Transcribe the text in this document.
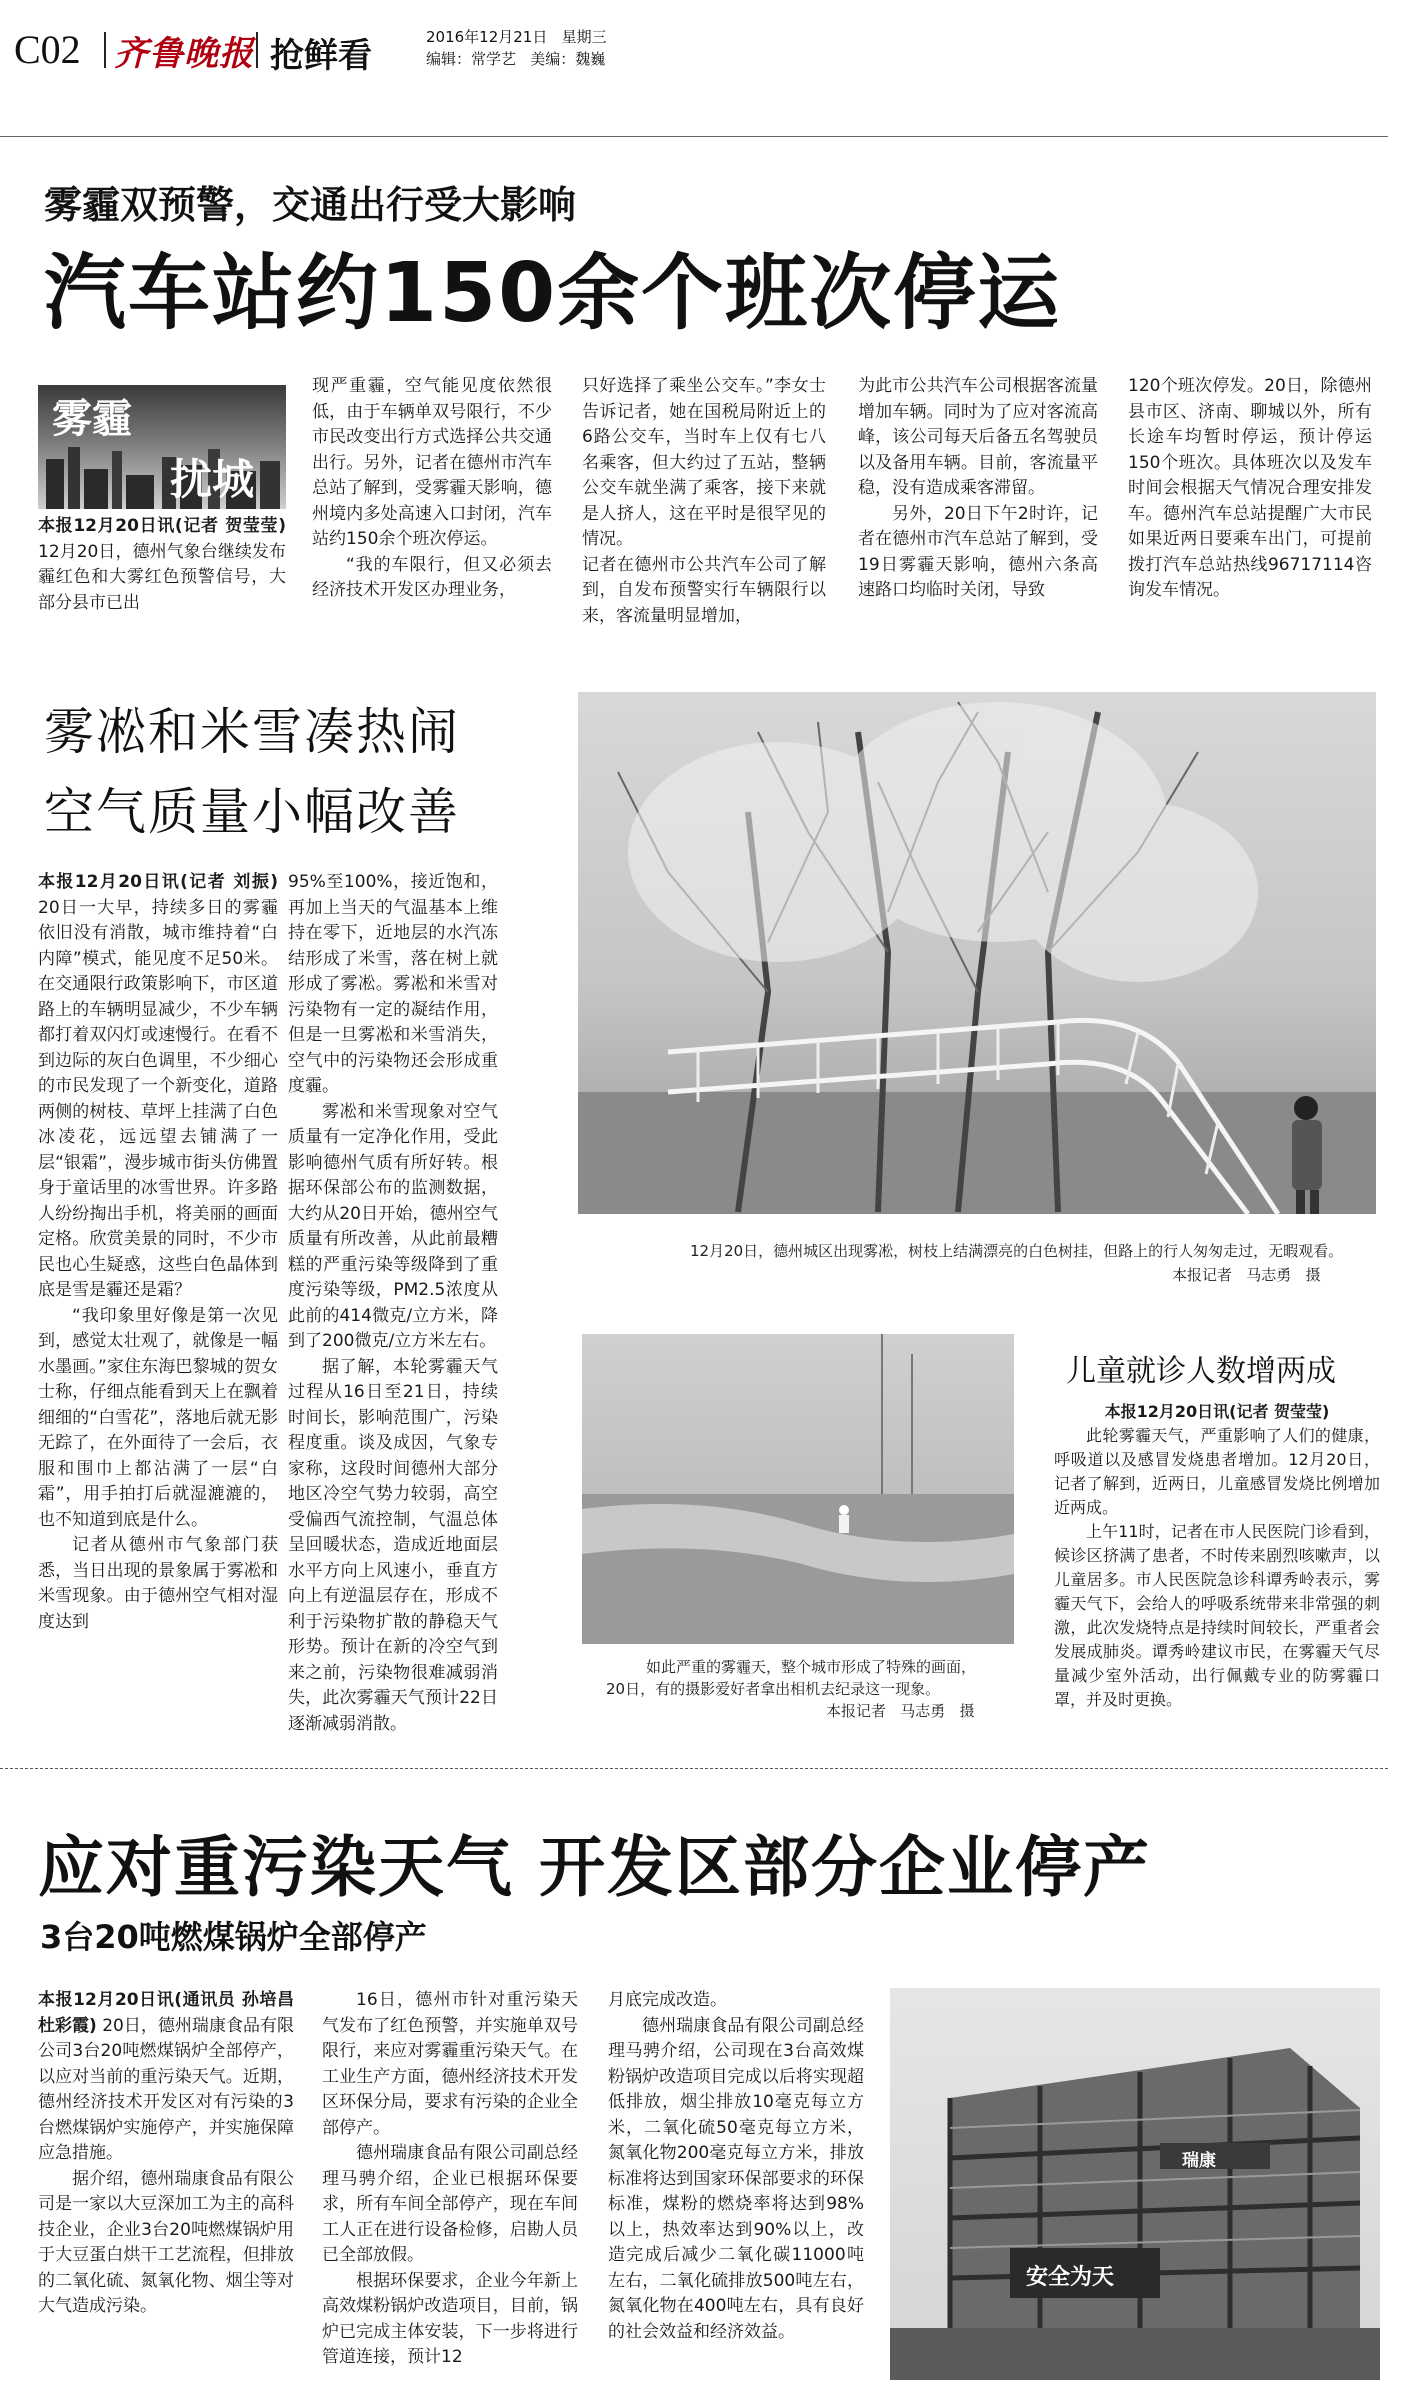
C02 齐鲁晚报 抢鲜看	2016年12月21日   星期三
编辑：常学艺   美编：魏巍
雾霾双预警，交通出行受大影响
汽车站约150余个班次停运
雾霾
扰城

本报12月20日讯(记者 贺莹莹) 12月20日，德州气象台继续发布霾红色和大雾红色预警信号，大部分县市已出

现严重霾，空气能见度依然很低，由于车辆单双号限行，不少市民改变出行方式选择公共交通出行。另外，记者在德州市汽车总站了解到，受雾霾天影响，德州境内多处高速入口封闭，汽车站约150余个班次停运。

“我的车限行，但又必须去经济技术开发区办理业务，

只好选择了乘坐公交车。”李女士告诉记者，她在国税局附近上的6路公交车，当时车上仅有七八名乘客，但大约过了五站，整辆公交车就坐满了乘客，接下来就是人挤人，这在平时是很罕见的情况。

记者在德州市公共汽车公司了解到，自发布预警实行车辆限行以来，客流量明显增加，

为此市公共汽车公司根据客流量增加车辆。同时为了应对客流高峰，该公司每天后备五名驾驶员以及备用车辆。目前，客流量平稳，没有造成乘客滞留。

另外，20日下午2时许，记者在德州市汽车总站了解到，受19日雾霾天影响，德州六条高速路口均临时关闭，导致

120个班次停发。20日，除德州县市区、济南、聊城以外，所有长途车均暂时停运，预计停运150个班次。具体班次以及发车时间会根据天气情况合理安排发车。德州汽车总站提醒广大市民如果近两日要乘车出门，可提前拨打汽车总站热线96717114咨询发车情况。

雾凇和米雪凑热闹
空气质量小幅改善

本报12月20日讯(记者 刘振) 20日一大早，持续多日的雾霾依旧没有消散，城市维持着“白内障”模式，能见度不足50米。在交通限行政策影响下，市区道路上的车辆明显减少，不少车辆都打着双闪灯或速慢行。在看不到边际的灰白色调里，不少细心的市民发现了一个新变化，道路两侧的树枝、草坪上挂满了白色冰凌花，远远望去铺满了一层“银霜”，漫步城市街头仿佛置身于童话里的冰雪世界。许多路人纷纷掏出手机，将美丽的画面定格。欣赏美景的同时，不少市民也心生疑惑，这些白色晶体到底是雪是霾还是霜？

“我印象里好像是第一次见到，感觉太壮观了，就像是一幅水墨画。”家住东海巴黎城的贺女士称，仔细点能看到天上在飘着细细的“白雪花”，落地后就无影无踪了，在外面待了一会后，衣服和围巾上都沾满了一层“白霜”，用手拍打后就湿漉漉的，也不知道到底是什么。

记者从德州市气象部门获悉，当日出现的景象属于雾凇和米雪现象。由于德州空气相对湿度达到

95%至100%，接近饱和，再加上当天的气温基本上维持在零下，近地层的水汽冻结形成了米雪，落在树上就形成了雾凇。雾凇和米雪对污染物有一定的凝结作用，但是一旦雾凇和米雪消失，空气中的污染物还会形成重度霾。

雾凇和米雪现象对空气质量有一定净化作用，受此影响德州气质有所好转。根据环保部公布的监测数据，大约从20日开始，德州空气质量有所改善，从此前最糟糕的严重污染等级降到了重度污染等级，PM2.5浓度从此前的414微克/立方米，降到了200微克/立方米左右。

据了解，本轮雾霾天气过程从16日至21日，持续时间长，影响范围广，污染程度重。谈及成因，气象专家称，这段时间德州大部分地区冷空气势力较弱，高空受偏西气流控制，气温总体呈回暖状态，造成近地面层水平方向上风速小，垂直方向上有逆温层存在，形成不利于污染物扩散的静稳天气形势。预计在新的冷空气到来之前，污染物很难减弱消失，此次雾霾天气预计22日逐渐减弱消散。

12月20日，德州城区出现雾凇，树枝上结满漂亮的白色树挂，但路上的行人匆匆走过，无暇观看。
本报记者   马志勇   摄
如此严重的雾霾天，整个城市形成了特殊的画面，
20日，有的摄影爱好者拿出相机去纪录这一现象。
本报记者   马志勇   摄
儿童就诊人数增两成

本报12月20日讯(记者 贺莹莹)

此轮雾霾天气，严重影响了人们的健康，呼吸道以及感冒发烧患者增加。12月20日，记者了解到，近两日，儿童感冒发烧比例增加近两成。

上午11时，记者在市人民医院门诊看到，候诊区挤满了患者，不时传来剧烈咳嗽声，以儿童居多。市人民医院急诊科谭秀岭表示，雾霾天气下，会给人的呼吸系统带来非常强的刺激，此次发烧特点是持续时间较长，严重者会发展成肺炎。谭秀岭建议市民，在雾霾天气尽量减少室外活动，出行佩戴专业的防雾霾口罩，并及时更换。

应对重污染天气 开发区部分企业停产
3台20吨燃煤锅炉全部停产

本报12月20日讯(通讯员 孙培昌 杜彩霞) 20日，德州瑞康食品有限公司3台20吨燃煤锅炉全部停产，以应对当前的重污染天气。近期，德州经济技术开发区对有污染的3台燃煤锅炉实施停产，并实施保障应急措施。

据介绍，德州瑞康食品有限公司是一家以大豆深加工为主的高科技企业，企业3台20吨燃煤锅炉用于大豆蛋白烘干工艺流程，但排放的二氧化硫、氮氧化物、烟尘等对大气造成污染。

16日，德州市针对重污染天气发布了红色预警，并实施单双号限行，来应对雾霾重污染天气。在工业生产方面，德州经济技术开发区环保分局，要求有污染的企业全部停产。

德州瑞康食品有限公司副总经理马骋介绍，企业已根据环保要求，所有车间全部停产，现在车间工人正在进行设备检修，启勘人员已全部放假。

根据环保要求，企业今年新上高效煤粉锅炉改造项目，目前，锅炉已完成主体安装，下一步将进行管道连接，预计12

月底完成改造。

德州瑞康食品有限公司副总经理马骋介绍，公司现在3台高效煤粉锅炉改造项目完成以后将实现超低排放，烟尘排放10毫克每立方米，二氧化硫50毫克每立方米，氮氧化物200毫克每立方米，排放标准将达到国家环保部要求的环保标准，煤粉的燃烧率将达到98%以上，热效率达到90%以上，改造完成后减少二氧化碳11000吨左右，二氧化硫排放500吨左右，氮氧化物在400吨左右，具有良好的社会效益和经济效益。

瑞康
安全为天
